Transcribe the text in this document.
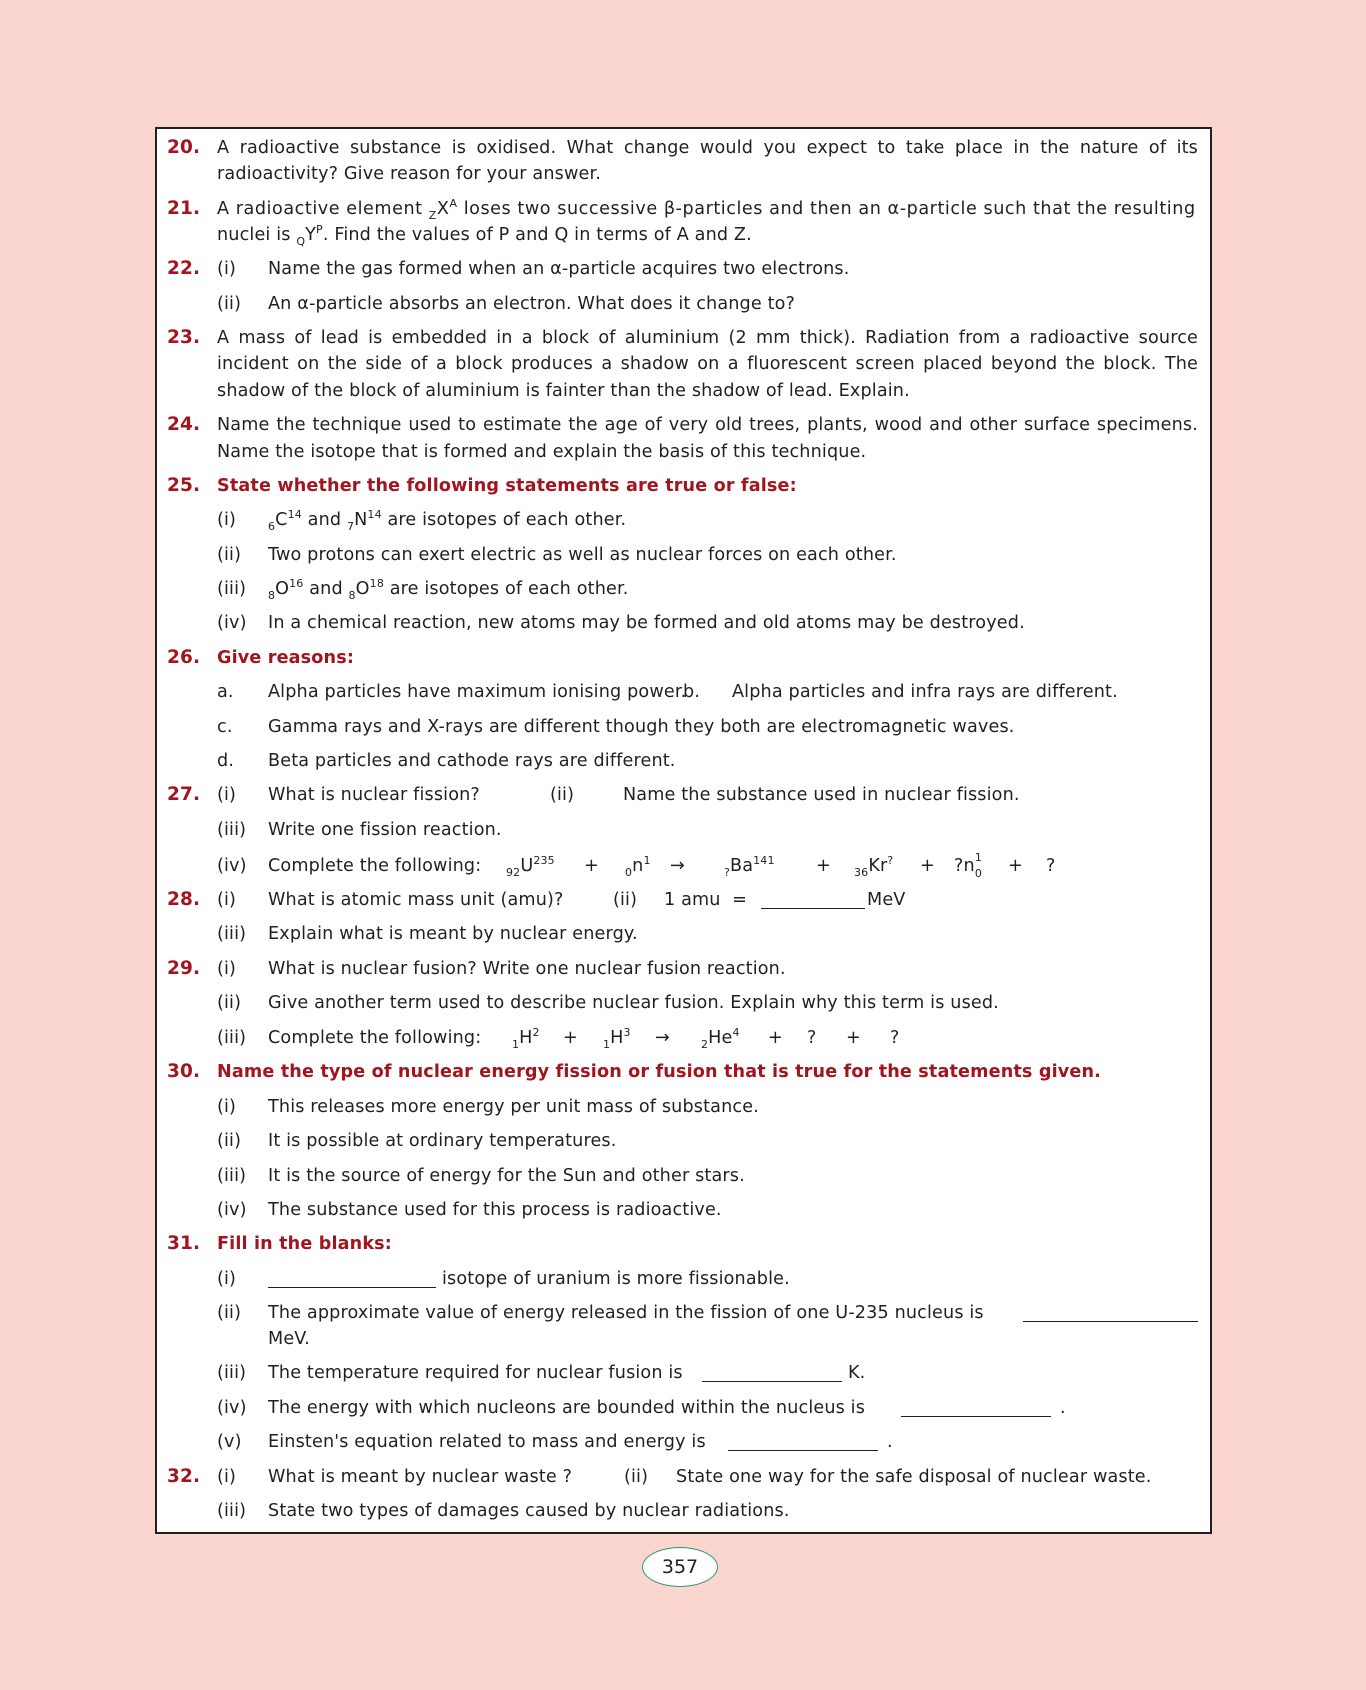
20. A radioactive substance is oxidised. What change would you expect to take place in the nature of its
radioactivity? Give reason for your answer.
21. A radioactive element $_ZX^A$ loses two successive β-particles and then an α-particle such that the resulting
nuclei is $_QY^P$. Find the values of P and Q in terms of A and Z.
22. (i) Name the gas formed when an α-particle acquires two electrons.
(ii) An α-particle absorbs an electron. What does it change to?
23. A mass of lead is embedded in a block of aluminium (2 mm thick). Radiation from a radioactive source
incident on the side of a block produces a shadow on a fluorescent screen placed beyond the block. The
shadow of the block of aluminium is fainter than the shadow of lead. Explain.
24. Name the technique used to estimate the age of very old trees, plants, wood and other surface specimens.
Name the isotope that is formed and explain the basis of this technique.
25. State whether the following statements are true or false:
(i)	$_6C^{14}$ and $_7N^{14}$ are isotopes of each other.
(ii) Two protons can exert electric as well as nuclear forces on each other.
(iii) $_8O^{16}$ and $_8O^{18}$ are isotopes of each other.
(iv) In a chemical reaction, new atoms may be formed and old atoms may be destroyed.
26. Give reasons:
a. Alpha particles have maximum ionising power.
b. Alpha particles and infra rays are different.
c. Gamma rays and X-rays are different though they both are electromagnetic waves.
d. Beta particles and cathode rays are different.
27. (i) What is nuclear fission?	(ii)	Name the substance used in nuclear fission.
(iii) Write one fission reaction.
(iv) Complete the following: $_{92}U^{235} + _0n^1$ →	$_?Ba^{141} + _{36}Kr^?$ + ?n 1
0 + ?
28. (i) What is atomic mass unit (amu)?	(ii) 1 amu  =	MeV
(iii) Explain what is meant by nuclear energy.
29. (i) What is nuclear fusion? Write one nuclear fusion reaction.
(ii) Give another term used to describe nuclear fusion. Explain why this term is used.
(iii) Complete the following:	$_1H^2 + _1H^3$ →	$_2He^4$ + ? + ?
30. Name the type of nuclear energy fission or fusion that is true for the statements given.
(i) This releases more energy per unit mass of substance.
(ii) It is possible at ordinary temperatures.
(iii) It is the source of energy for the Sun and other stars.
(iv) The substance used for this process is radioactive.
31. Fill in the blanks:
(i)	isotope of uranium is more fissionable.
(ii) The approximate value of energy released in the fission of one U-235 nucleus is
MeV.
(iii) The temperature required for nuclear fusion is	K.
(iv) The energy with which nucleons are bounded within the nucleus is	.
(v) Einsten's equation related to mass and energy is	.
32. (i) What is meant by nuclear waste ?	(ii) State one way for the safe disposal of nuclear waste.
(iii) State two types of damages caused by nuclear radiations.
357
